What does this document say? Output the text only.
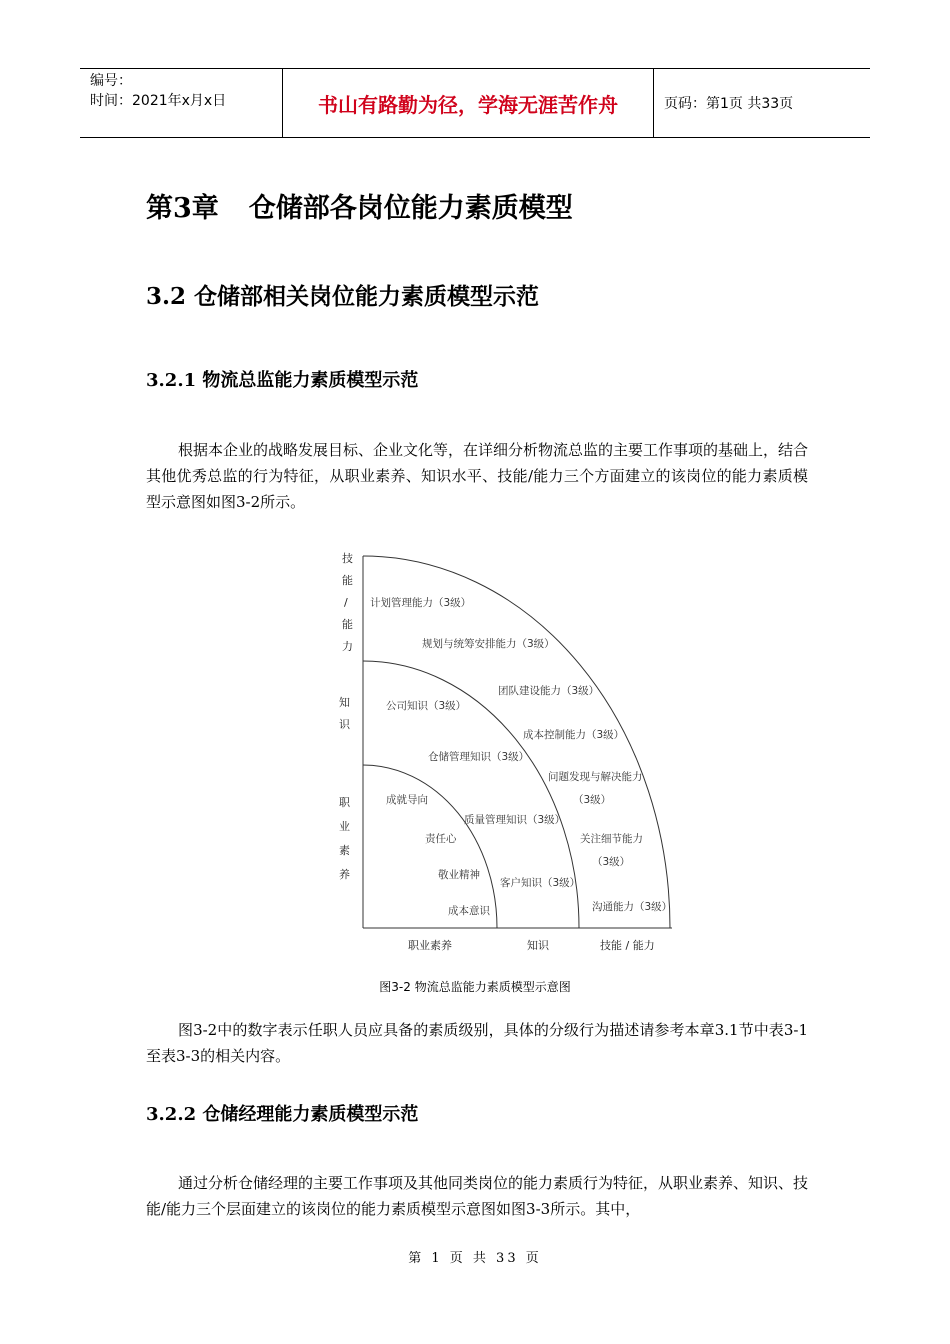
编号：
时间：2021年x月x日	书山有路勤为径，学海无涯苦作舟	页码：第1页 共33页
第3章 仓储部各岗位能力素质模型
3.2 仓储部相关岗位能力素质模型示范
3.2.1 物流总监能力素质模型示范
根据本企业的战略发展目标、企业文化等，在详细分析物流总监的主要工作事项的基础上，结合其他优秀总监的行为特征，从职业素养、知识水平、技能/能力三个方面建立的该岗位的能力素质模型示意图如图3-2所示。
技
能
/
能
力
知
识
职
业
素
养
计划管理能力（3级）
规划与统筹安排能力（3级）
团队建设能力（3级）
成本控制能力（3级）
问题发现与解决能力
（3级）
关注细节能力
（3级）
沟通能力（3级）
公司知识（3级）
仓储管理知识（3级）
质量管理知识（3级）
客户知识（3级）
成就导向
责任心
敬业精神
成本意识
职业素养	知识	技能 / 能力
图3-2 物流总监能力素质模型示意图
图3-2中的数字表示任职人员应具备的素质级别，具体的分级行为描述请参考本章3.1节中表3-1至表3-3的相关内容。
3.2.2 仓储经理能力素质模型示范
通过分析仓储经理的主要工作事项及其他同类岗位的能力素质行为特征，从职业素养、知识、技能/能力三个层面建立的该岗位的能力素质模型示意图如图3-3所示。其中，
第 1 页 共 33 页
